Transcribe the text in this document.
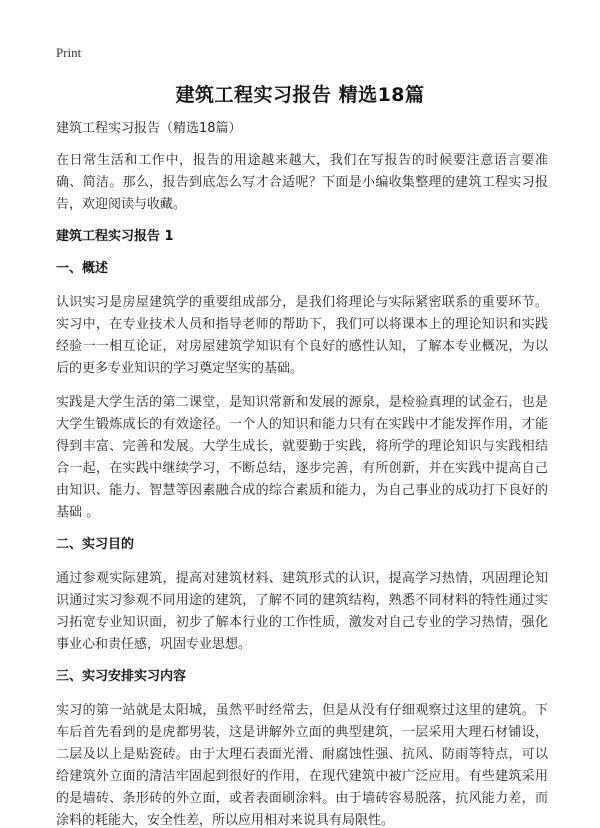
Print
建筑工程实习报告 精选18篇

建筑工程实习报告（精选18篇）

在日常生活和工作中，报告的用途越来越大，我们在写报告的时候要注意语言要准确、简洁。那么，报告到底怎么写才合适呢？下面是小编收集整理的建筑工程实习报告，欢迎阅读与收藏。

建筑工程实习报告 1
一、概述

认识实习是房屋建筑学的重要组成部分，是我们将理论与实际紧密联系的重要环节。实习中，在专业技术人员和指导老师的帮助下，我们可以将课本上的理论知识和实践经验一一相互论证，对房屋建筑学知识有个良好的感性认知，了解本专业概况，为以后的更多专业知识的学习奠定坚实的基础。

实践是大学生活的第二课堂，是知识常新和发展的源泉，是检验真理的试金石，也是大学生锻炼成长的有效途径。一个人的知识和能力只有在实践中才能发挥作用，才能得到丰富、完善和发展。大学生成长，就要勤于实践，将所学的理论知识与实践相结合一起，在实践中继续学习，不断总结，逐步完善，有所创新，并在实践中提高自己由知识、能力、智慧等因素融合成的综合素质和能力，为自己事业的成功打下良好的基础 。

二、实习目的

通过参观实际建筑，提高对建筑材料、建筑形式的认识，提高学习热情，巩固理论知识通过实习参观不同用途的建筑，了解不同的建筑结构，熟悉不同材料的特性通过实习拓宽专业知识面，初步了解本行业的工作性质，激发对自己专业的学习热情，强化事业心和责任感，巩固专业思想。

三、实习安排实习内容

实习的第一站就是太阳城，虽然平时经常去，但是从没有仔细观察过这里的建筑。下车后首先看到的是虎都男装，这是讲解外立面的典型建筑，一层采用大理石材铺设，二层及以上是贴瓷砖。由于大理石表面光滑、耐腐蚀性强、抗风、防雨等特点，可以给建筑外立面的清洁牢固起到很好的作用，在现代建筑中被广泛应用。有些建筑采用的是墙砖、条形砖的外立面，或者表面刷涂料。由于墙砖容易脱落，抗风能力差，而涂料的耗能大，安全性差，所以应用相对来说具有局限性。
